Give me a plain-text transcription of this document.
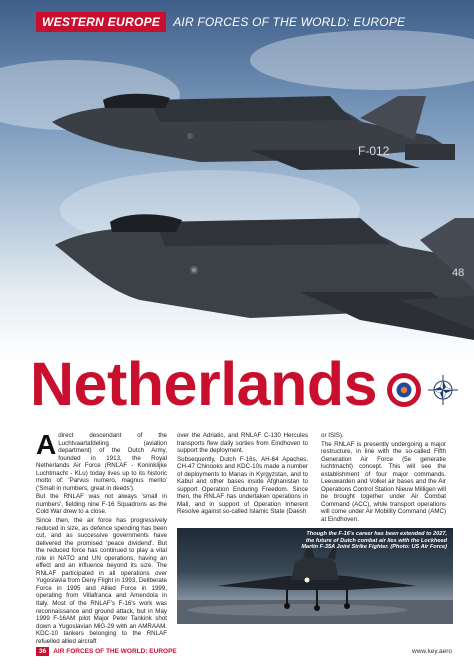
F-012
48
WESTERN EUROPE	AIR FORCES OF THE WORLD: EUROPE
Netherlands

Adirect descendant of the Luchtvaartafdeling (aviation department) of the Dutch Army, founded in 1913, the Royal Netherlands Air Force (RNLAF - Koninklijke Luchtmacht - KLu) today lives up to its historic motto of: 'Parvus numero, magnus merito' ('Small in numbers, great in deeds').

But the RNLAF was not always 'small in numbers', fielding nine F-16 Squadrons as the Cold War drew to a close.

Since then, the air force has progressively reduced in size, as defence spending has been cut, and as successive governments have delivered the promised 'peace dividend'. But the reduced force has continued to play a vital role in NATO and UN operations, having an effect and an influence beyond its size. The RNLAF participated in all operations over Yugoslavia from Deny Flight in 1993, Deliberate Force in 1995 and Allied Force in 1999, operating from Villafranca and Amendola in Italy. Most of the RNLAF's F-16's work was reconnaissance and ground attack, but in May 1999 F-16AM pilot Major Peter Tankink shot down a Yugoslavian MiG-29 with an AMRAAM. KDC-10 tankers belonging to the RNLAF refuelled allied aircraft

over the Adriatic, and RNLAF C-130 Hercules transports flew daily sorties from Eindhoven to support the deployment.

Subsequently, Dutch F-16s, AH-64 Apaches, CH-47 Chinooks and KDC-10s made a number of deployments to Manas in Kyrgyzstan, and to Kabul and other bases inside Afghanistan to support Operation Enduring Freedom. Since then, the RNLAF has undertaken operations in Mali, and in support of Operation Inherent Resolve against so-called Islamic State (Daesh

or ISIS).

The RNLAF is presently undergoing a major restructure, in line with the so-called Fifth Generation Air Force (5e generatie luchtmacht) concept. This will see the establishment of four major commands. Leeuwarden and Volkel air bases and the Air Operations Control Station Nieuw Milligen will be brought together under Air Combat Command (ACC), while transport operations will come under Air Mobility Command (AMC) at Eindhoven.

Though the F-16's career has been extended to 2027, the future of Dutch combat air lies with the Lockheed Martin F-35A Joint Strike Fighter. (Photo: US Air Force)
36	AIR FORCES OF THE WORLD: EUROPE	www.key.aero
